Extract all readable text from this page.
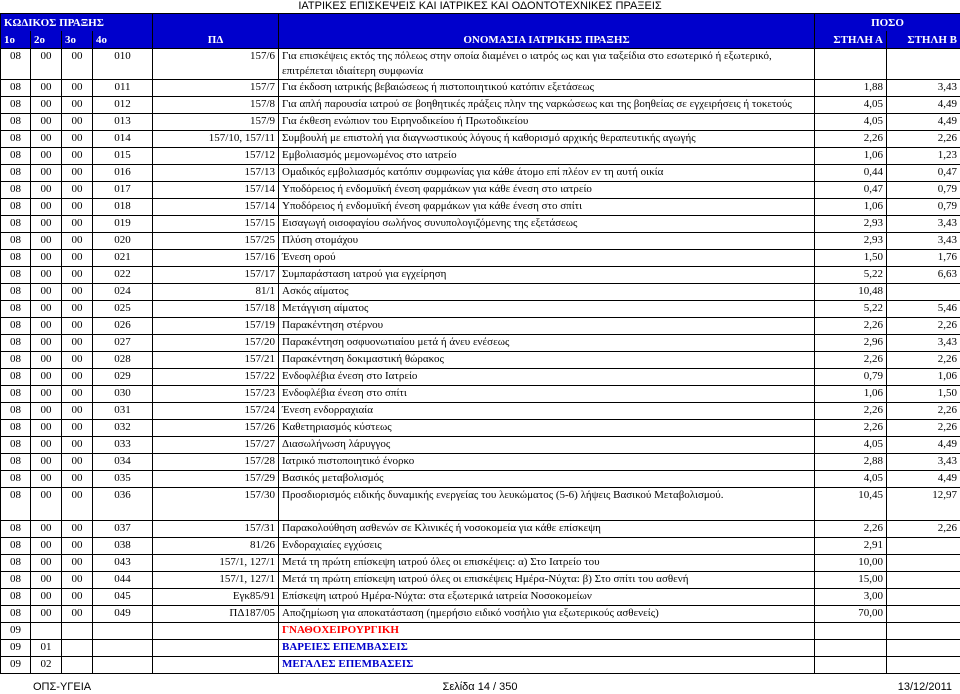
ΙΑΤΡΙΚΕΣ ΕΠΙΣΚΕΨΕΙΣ ΚΑΙ ΙΑΤΡΙΚΕΣ ΚΑΙ ΟΔΟΝΤΟΤΕΧΝΙΚΕΣ ΠΡΑΞΕΙΣ
ΚΩΔΙΚΟΣ ΠΡΑΞΗΣ						ΠΟΣΟ	
1ο	2ο	3ο	4ο	ΠΔ	ΟΝΟΜΑΣΙΑ ΙΑΤΡΙΚΗΣ ΠΡΑΞΗΣ	ΣΤΗΛΗ Α	ΣΤΗΛΗ Β
08	00	00	010	157/6	Για επισκέψεις εκτός της πόλεως στην οποία διαμένει ο ιατρός ως και για ταξείδια στο εσωτερικό ή εξωτερικό, επιτρέπεται ιδιαίτερη συμφωνία		
08	00	00	011	157/7	Για έκδοση ιατρικής βεβαιώσεως ή πιστοποιητικού κατόπιν εξετάσεως	1,88	3,43
08	00	00	012	157/8	Για απλή παρουσία ιατρού σε βοηθητικές πράξεις πλην της ναρκώσεως και της βοηθείας σε εγχειρήσεις ή τοκετούς	4,05	4,49
08	00	00	013	157/9	Για έκθεση ενώπιον του Ειρηνοδικείου ή Πρωτοδικείου	4,05	4,49
08	00	00	014	157/10, 157/11	Συμβουλή με επιστολή για διαγνωστικούς λόγους ή καθορισμό αρχικής θεραπευτικής αγωγής	2,26	2,26
08	00	00	015	157/12	Εμβολιασμός μεμονωμένος στο ιατρείο	1,06	1,23
08	00	00	016	157/13	Ομαδικός εμβολιασμός κατόπιν συμφωνίας για κάθε άτομο επί πλέον εν τη αυτή οικία	0,44	0,47
08	00	00	017	157/14	Υποδόρειος ή ενδομυϊκή ένεση φαρμάκων για κάθε ένεση στο ιατρείο	0,47	0,79
08	00	00	018	157/14	Υποδόρειος ή ενδομυϊκή ένεση φαρμάκων για κάθε ένεση στο σπίτι	1,06	0,79
08	00	00	019	157/15	Εισαγωγή οισοφαγίου σωλήνος συνυπολογιζόμενης της εξετάσεως	2,93	3,43
08	00	00	020	157/25	Πλύση στομάχου	2,93	3,43
08	00	00	021	157/16	Ένεση ορού	1,50	1,76
08	00	00	022	157/17	Συμπαράσταση ιατρού για εγχείρηση	5,22	6,63
08	00	00	024	81/1	Ασκός αίματος	10,48	
08	00	00	025	157/18	Μετάγγιση αίματος	5,22	5,46
08	00	00	026	157/19	Παρακέντηση στέρνου	2,26	2,26
08	00	00	027	157/20	Παρακέντηση οσφυονωτιαίου μετά ή άνευ ενέσεως	2,96	3,43
08	00	00	028	157/21	Παρακέντηση δοκιμαστική θώρακος	2,26	2,26
08	00	00	029	157/22	Ενδοφλέβια ένεση στο Ιατρείο	0,79	1,06
08	00	00	030	157/23	Ενδοφλέβια ένεση στο σπίτι	1,06	1,50
08	00	00	031	157/24	Ένεση ενδορραχιαία	2,26	2,26
08	00	00	032	157/26	Καθετηριασμός κύστεως	2,26	2,26
08	00	00	033	157/27	Διασωλήνωση λάρυγγος	4,05	4,49
08	00	00	034	157/28	Ιατρικό πιστοποιητικό ένορκο	2,88	3,43
08	00	00	035	157/29	Βασικός μεταβολισμός	4,05	4,49
08	00	00	036	157/30	Προσδιορισμός ειδικής δυναμικής ενεργείας του λευκώματος (5-6) λήψεις Βασικού Μεταβολισμού.	10,45	12,97
08	00	00	037	157/31	Παρακολούθηση ασθενών σε Κλινικές ή νοσοκομεία για κάθε επίσκεψη	2,26	2,26
08	00	00	038	81/26	Ενδοραχιαίες εγχύσεις	2,91	
08	00	00	043	157/1, 127/1	Μετά τη πρώτη επίσκεψη ιατρού όλες οι επισκέψεις: α) Στο Ιατρείο του	10,00	
08	00	00	044	157/1, 127/1	Μετά τη πρώτη επίσκεψη ιατρού όλες οι επισκέψεις Ημέρα-Νύχτα: β) Στο σπίτι του ασθενή	15,00	
08	00	00	045	Εγκ85/91	Επίσκεψη ιατρού Ημέρα-Νύχτα: στα εξωτερικά ιατρεία Νοσοκομείων	3,00	
08	00	00	049	ΠΔ187/05	Αποζημίωση για αποκατάσταση (ημερήσιο ειδικό νοσήλιο για εξωτερικούς ασθενείς)	70,00	
09					ΓΝΑΘΟΧΕΙΡΟΥΡΓΙΚΗ		
09	01				ΒΑΡΕΙΕΣ ΕΠΕΜΒΑΣΕΙΣ		
09	02				ΜΕΓΑΛΕΣ ΕΠΕΜΒΑΣΕΙΣ		
ΟΠΣ-ΥΓΕΙΑ	Σελίδα 14 / 350	13/12/2011
